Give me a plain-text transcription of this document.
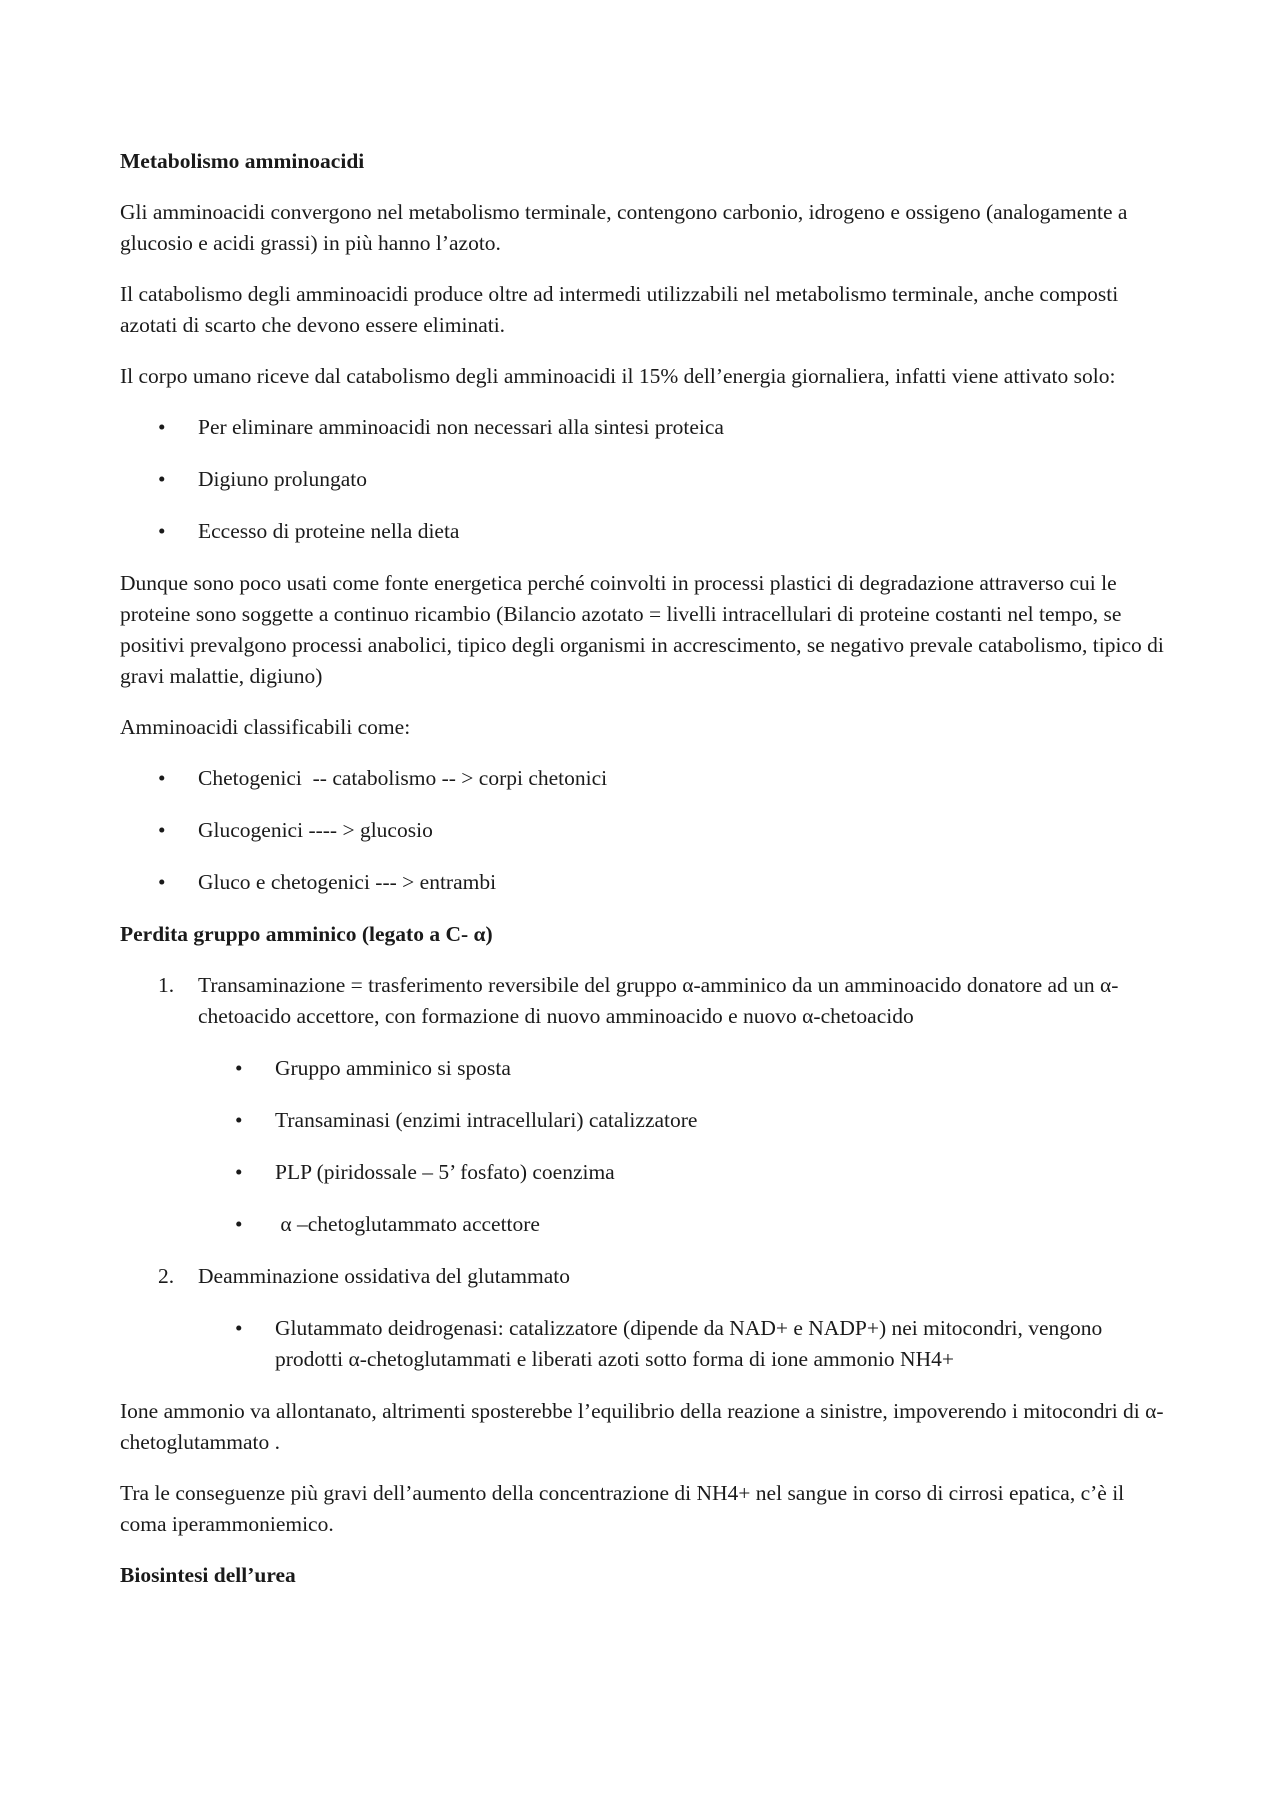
Metabolismo amminoacidi
Gli amminoacidi convergono nel metabolismo terminale, contengono carbonio, idrogeno e ossigeno (analogamente a glucosio e acidi grassi) in più hanno l’azoto.
Il catabolismo degli amminoacidi produce oltre ad intermedi utilizzabili nel metabolismo terminale, anche composti azotati di scarto che devono essere eliminati.
Il corpo umano riceve dal catabolismo degli amminoacidi il 15% dell’energia giornaliera, infatti viene attivato solo:
• Per eliminare amminoacidi non necessari alla sintesi proteica
• Digiuno prolungato
• Eccesso di proteine nella dieta
Dunque sono poco usati come fonte energetica perché coinvolti in processi plastici di degradazione attraverso cui le proteine sono soggette a continuo ricambio (Bilancio azotato = livelli intracellulari di proteine costanti nel tempo, se positivi prevalgono processi anabolici, tipico degli organismi in accrescimento, se negativo prevale catabolismo, tipico di gravi malattie, digiuno)
Amminoacidi classificabili come:
• Chetogenici  -- catabolismo -- > corpi chetonici
• Glucogenici ---- > glucosio
• Gluco e chetogenici --- > entrambi
Perdita gruppo amminico (legato a C- α)
1.	Transaminazione = trasferimento reversibile del gruppo α-amminico da un amminoacido donatore ad un α-chetoacido accettore, con formazione di nuovo amminoacido e nuovo α-chetoacido
• Gruppo amminico si sposta
• Transaminasi (enzimi intracellulari) catalizzatore
• PLP (piridossale – 5’ fosfato) coenzima
• α –chetoglutammato accettore
2.	Deamminazione ossidativa del glutammato
• Glutammato deidrogenasi: catalizzatore (dipende da NAD+ e NADP+) nei mitocondri, vengono prodotti α-chetoglutammati e liberati azoti sotto forma di ione ammonio NH4+
Ione ammonio va allontanato, altrimenti sposterebbe l’equilibrio della reazione a sinistre, impoverendo i mitocondri di α-chetoglutammato .
Tra le conseguenze più gravi dell’aumento della concentrazione di NH4+ nel sangue in corso di cirrosi epatica, c’è il coma iperammoniemico.
Biosintesi dell’urea
